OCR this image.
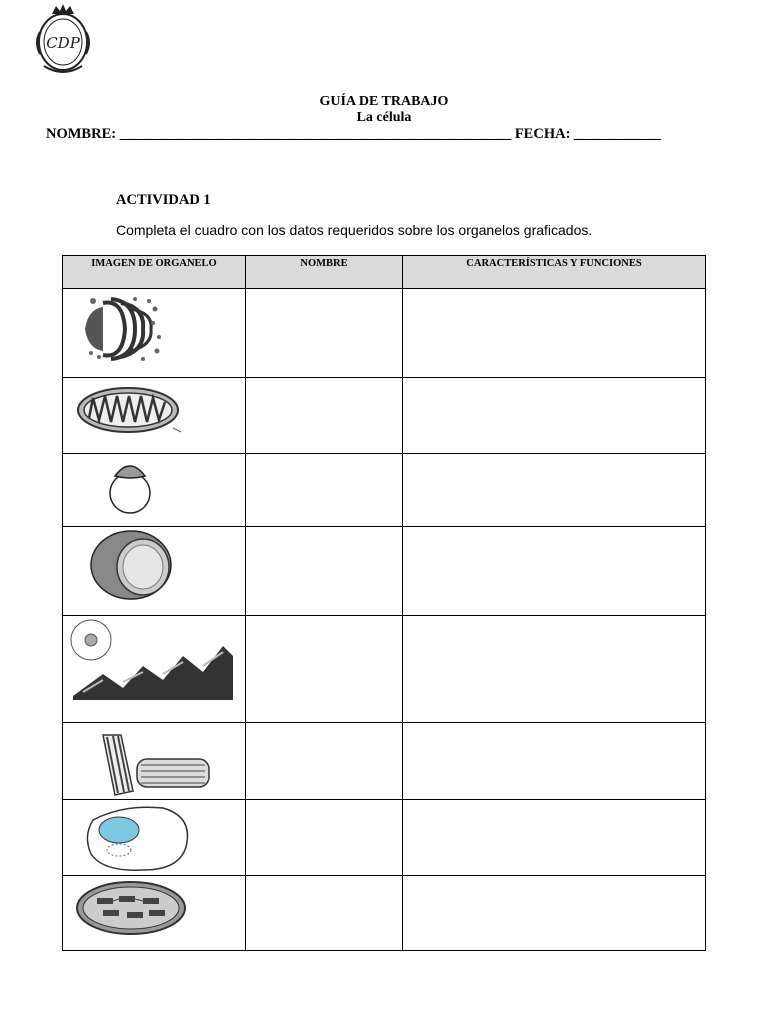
CDP
GUÍA DE TRABAJO
La célula
NOMBRE: ______________________________________________________ FECHA: ____________
ACTIVIDAD 1
Completa el cuadro con los datos requeridos sobre los organelos graficados.
IMAGEN DE ORGANELO	NOMBRE	CARACTERÍSTICAS Y FUNCIONES
